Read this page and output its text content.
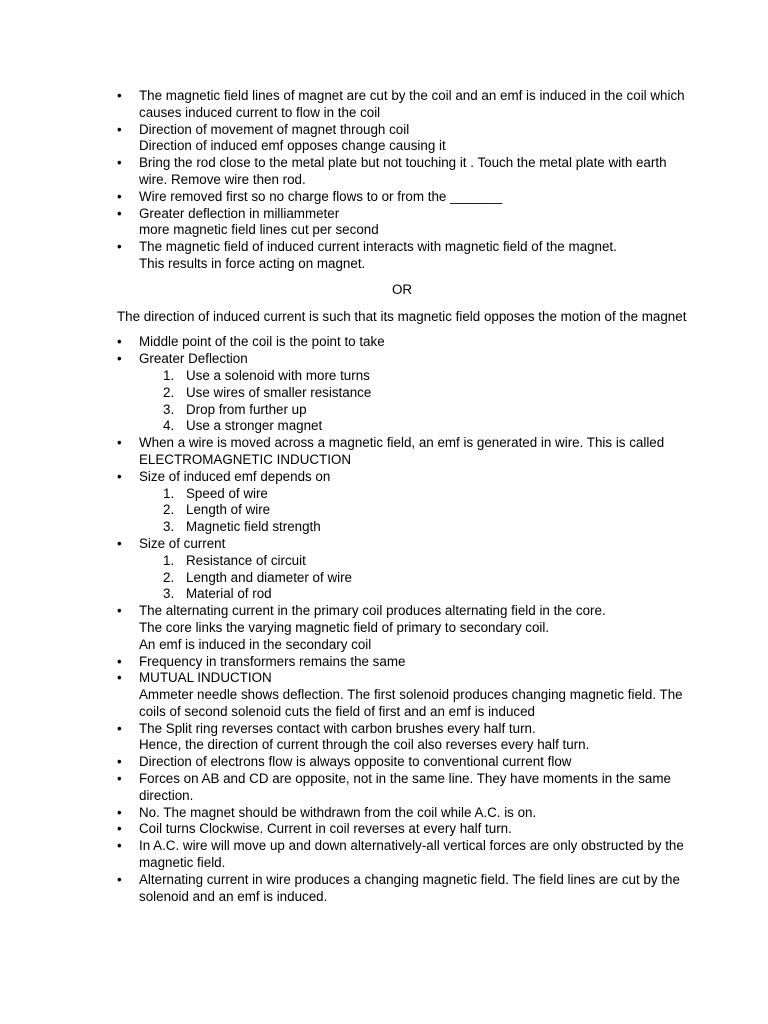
•	The magnetic field lines of magnet are cut by the coil and an emf is induced in the coil which causes induced current to flow in the coil
•	Direction of movement of magnet through coil
Direction of induced emf opposes change causing it
•	Bring the rod close to the metal plate but not touching it . Touch the metal plate with earth wire. Remove wire then rod.
•	Wire removed first so no charge flows to or from the _______
•	Greater deflection in milliammeter
more magnetic field lines cut per second
•	The magnetic field of induced current interacts with magnetic field of the magnet.
This results in force acting on magnet.
OR

The direction of induced current is such that its magnetic field opposes the motion of the magnet

•	Middle point of the coil is the point to take
•	Greater Deflection
1. Use a solenoid with more turns
2. Use wires of smaller resistance
3. Drop from further up
4. Use a stronger magnet
•	When a wire is moved across a magnetic field, an emf is generated in wire. This is called ELECTROMAGNETIC INDUCTION
•	Size of induced emf depends on
1. Speed of wire
2. Length of wire
3. Magnetic field strength
•	Size of current
1. Resistance of circuit
2. Length and diameter of wire
3. Material of rod
•	The alternating current in the primary coil produces alternating field in the core.
The core links the varying magnetic field of primary to secondary coil.
An emf is induced in the secondary coil
•	Frequency in transformers remains the same
•	MUTUAL INDUCTION
Ammeter needle shows deflection. The first solenoid produces changing magnetic field. The coils of second solenoid cuts the field of first and an emf is induced
•	The Split ring reverses contact with carbon brushes every half turn.
Hence, the direction of current through the coil also reverses every half turn.
•	Direction of electrons flow is always opposite to conventional current flow
•	Forces on AB and CD are opposite, not in the same line. They have moments in the same direction.
•	No. The magnet should be withdrawn from the coil while A.C. is on.
•	Coil turns Clockwise. Current in coil reverses at every half turn.
•	In A.C. wire will move up and down alternatively-all vertical forces are only obstructed by the magnetic field.
•	Alternating current in wire produces a changing magnetic field. The field lines are cut by the solenoid and an emf is induced.
